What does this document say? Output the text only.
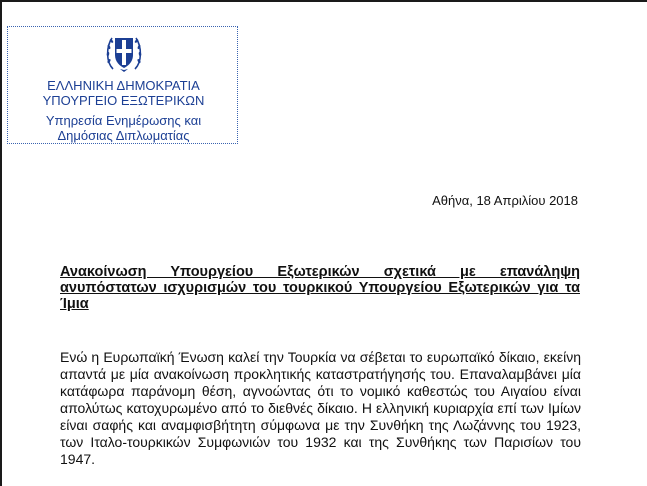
ΕΛΛΗΝΙΚΗ ΔΗΜΟΚΡΑΤΙΑ
ΥΠΟΥΡΓΕΙΟ ΕΞΩΤΕΡΙΚΩΝ
Υπηρεσία Ενημέρωσης και
Δημόσιας Διπλωματίας
Αθήνα, 18 Απριλίου 2018
Ανακοίνωση Υπουργείου Εξωτερικών σχετικά με επανάληψη ανυπόστατων ισχυρισμών του τουρκικού Υπουργείου Εξωτερικών για τα Ίμια
Ενώ η Ευρωπαϊκή Ένωση καλεί την Τουρκία να σέβεται το ευρωπαϊκό δίκαιο, εκείνη απαντά με μία ανακοίνωση προκλητικής καταστρατήγησής του. Επαναλαμβάνει μία κατάφωρα παράνομη θέση, αγνοώντας ότι το νομικό καθεστώς του Αιγαίου είναι απολύτως κατοχυρωμένο από το διεθνές δίκαιο. Η ελληνική κυριαρχία επί των Ιμίων είναι σαφής και αναμφισβήτητη σύμφωνα με την Συνθήκη της Λωζάννης του 1923, των Ιταλο-τουρκικών Συμφωνιών του 1932 και της Συνθήκης των Παρισίων του 1947.
